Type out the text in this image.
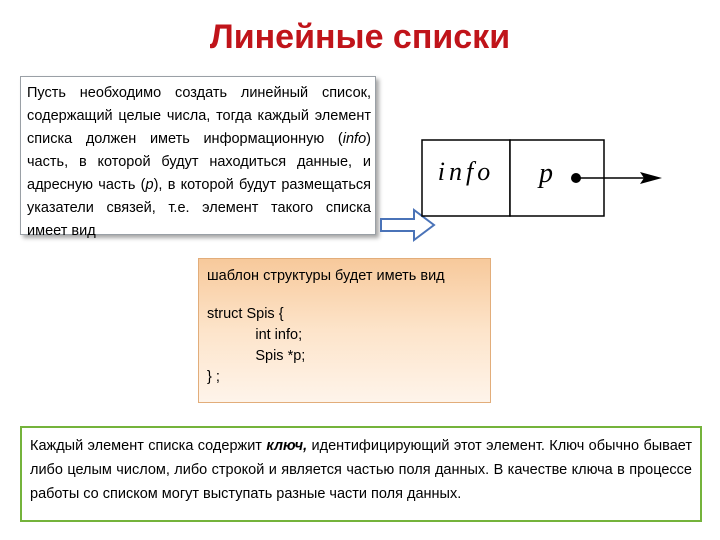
Линейные списки
Пусть необходимо создать линейный список, содержащий целые числа, тогда каждый элемент списка должен иметь информационную (info) часть, в которой будут находиться данные, и адресную часть (p), в которой будут размещаться указатели связей, т.е. элемент такого списка имеет вид
info p
шаблон структуры будет иметь вид
struct Spis {
int info;
Spis *p;
} ;
Каждый элемент списка содержит ключ, идентифицирующий этот элемент. Ключ обычно бывает либо целым числом, либо строкой и является частью поля данных. В качестве ключа в процессе работы со списком могут выступать разные части поля данных.
